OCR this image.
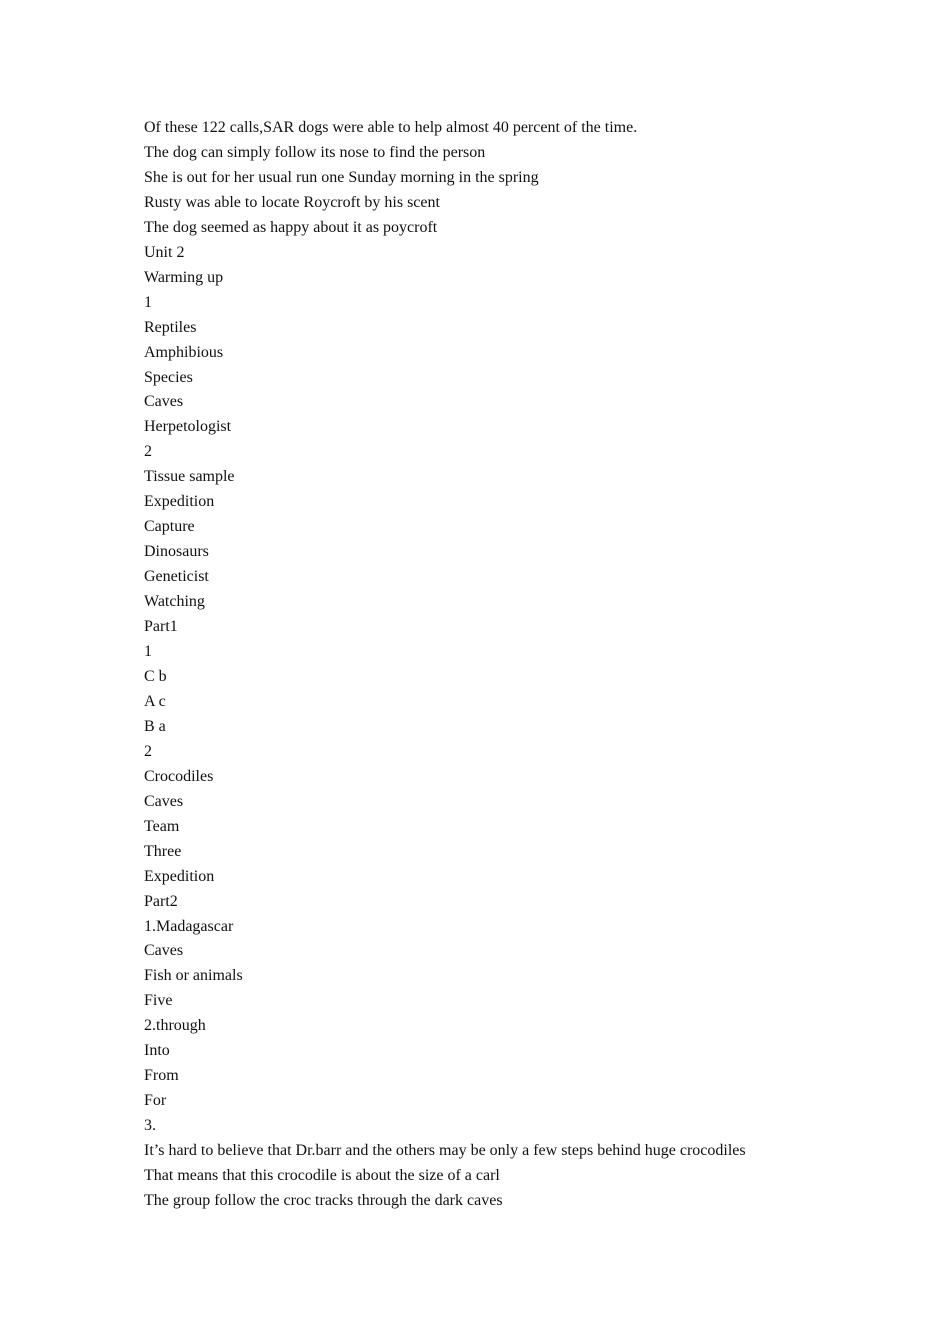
Of these 122 calls,SAR dogs were able to help almost 40 percent of the time.

The dog can simply follow its nose to find the person

She is out for her usual run one Sunday morning in the spring

Rusty was able to locate Roycroft by his scent

The dog seemed as happy about it as poycroft

Unit 2

Warming up

1

Reptiles

Amphibious

Species

Caves

Herpetologist

2

Tissue sample

Expedition

Capture

Dinosaurs

Geneticist

Watching

Part1

1

C b

A c

B a

2

Crocodiles

Caves

Team

Three

Expedition

Part2

1.Madagascar

Caves

Fish or animals

Five

2.through

Into

From

For

3.

It’s hard to believe that Dr.barr and the others may be only a few steps behind huge crocodiles

That means that this crocodile is about the size of a carl

The group follow the croc tracks through the dark caves
